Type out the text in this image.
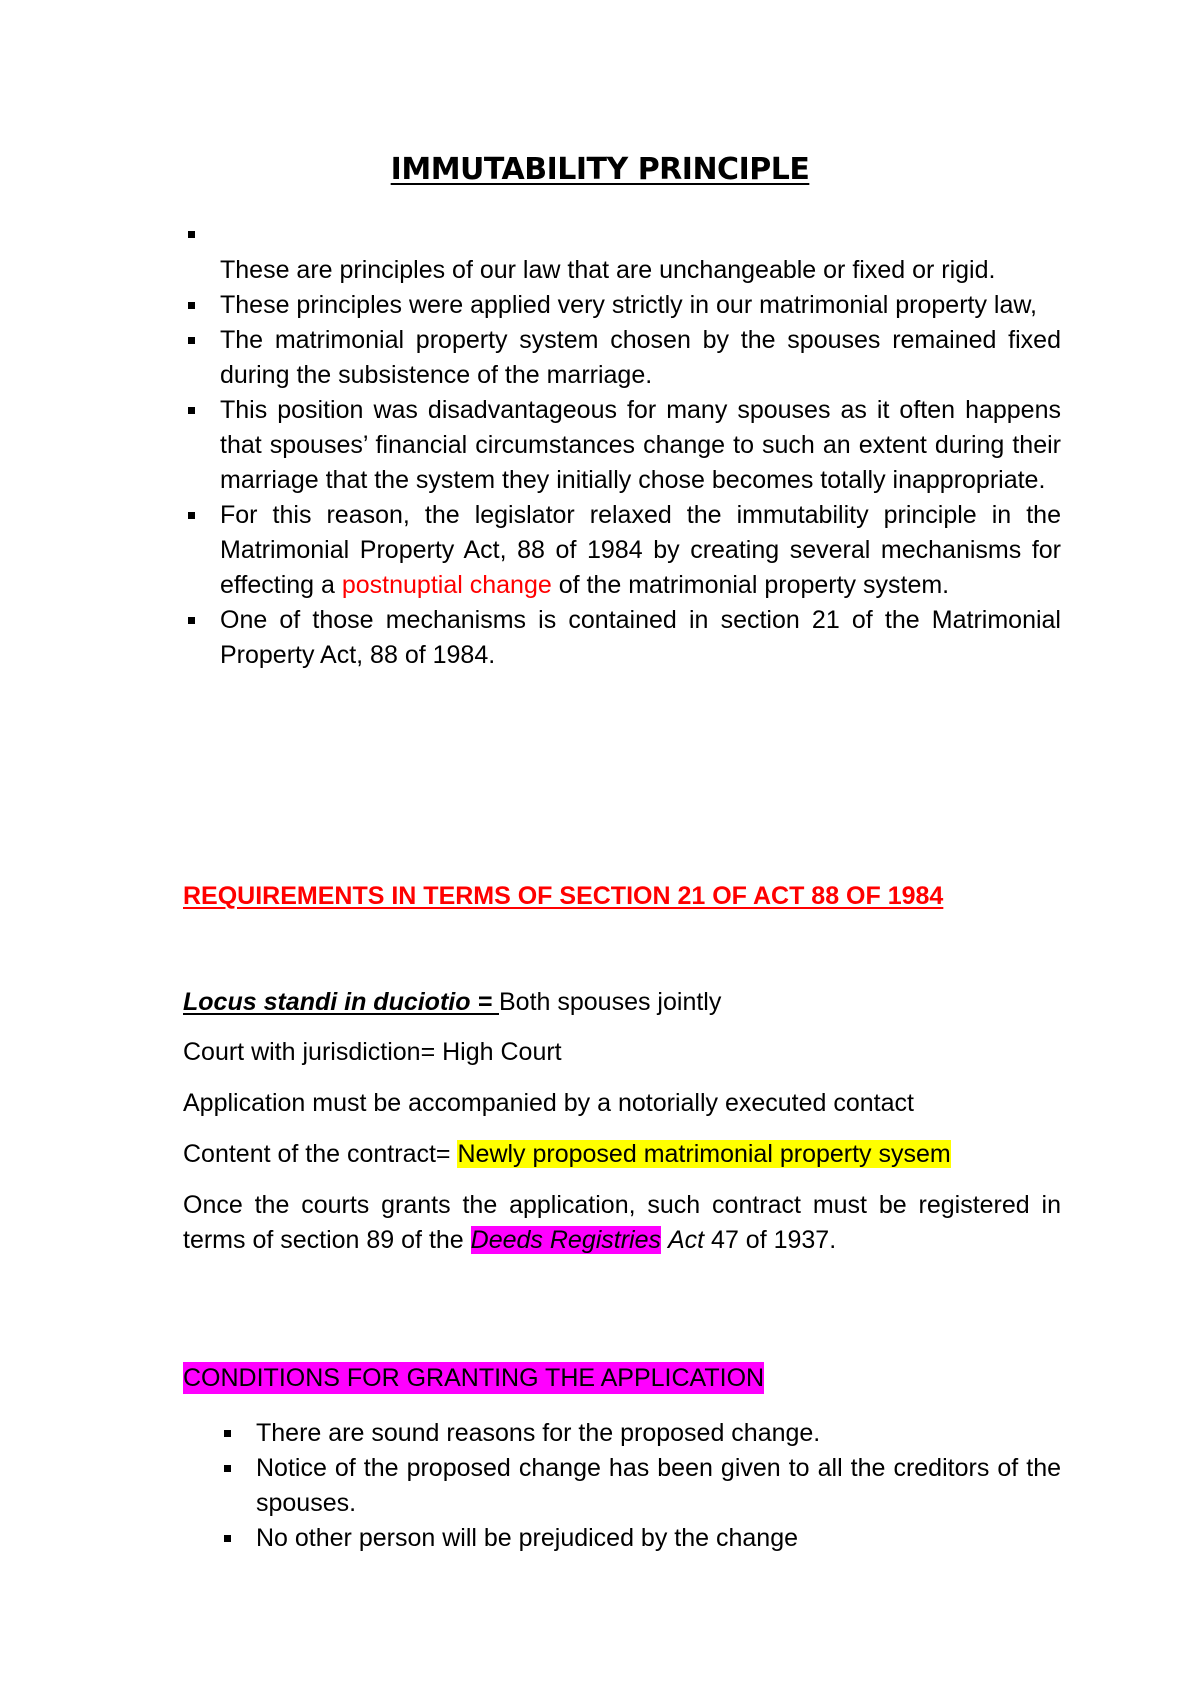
IMMUTABILITY PRINCIPLE
These are principles of our law that are unchangeable or fixed or rigid.
These principles were applied very strictly in our matrimonial property law,
The matrimonial property system chosen by the spouses remained fixed during the subsistence of the marriage.
This position was disadvantageous for many spouses as it often happens that spouses’ financial circumstances change to such an extent during their marriage that the system they initially chose becomes totally inappropriate.
For this reason, the legislator relaxed the immutability principle in the Matrimonial Property Act, 88 of 1984 by creating several mechanisms for effecting a postnuptial change of the matrimonial property system.
One of those mechanisms is contained in section 21 of the Matrimonial Property Act, 88 of 1984.
REQUIREMENTS IN TERMS OF SECTION 21 OF ACT 88 OF 1984
Locus standi in duciotio = Both spouses jointly
Court with jurisdiction= High Court
Application must be accompanied by a notorially executed contact
Content of the contract= Newly proposed matrimonial property sysem
Once the courts grants the application, such contract must be registered in terms of section 89 of the Deeds Registries Act 47 of 1937.
CONDITIONS FOR GRANTING THE APPLICATION
There are sound reasons for the proposed change.
Notice of the proposed change has been given to all the creditors of the spouses.
No other person will be prejudiced by the change
